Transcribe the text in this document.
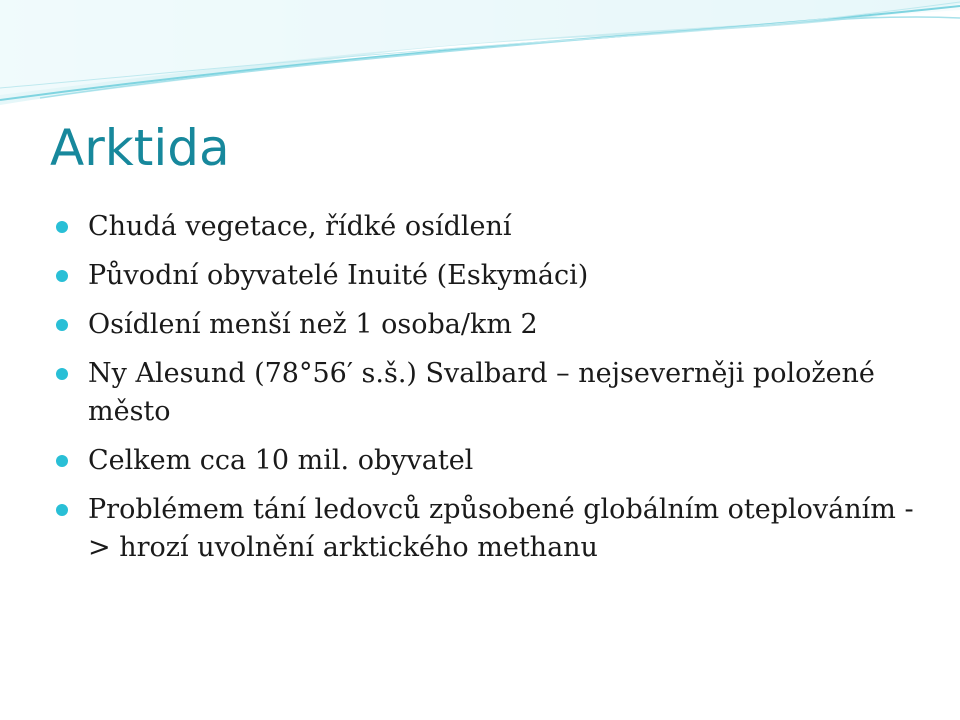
Arktida
Chudá vegetace, řídké osídlení
Původní obyvatelé Inuité (Eskymáci)
Osídlení menší než 1 osoba/km 2
Ny Alesund (78°56′ s.š.) Svalbard – nejseverněji položené město
Celkem cca 10 mil. obyvatel
Problémem tání ledovců způsobené globálním oteplováním -> hrozí uvolnění arktického methanu
